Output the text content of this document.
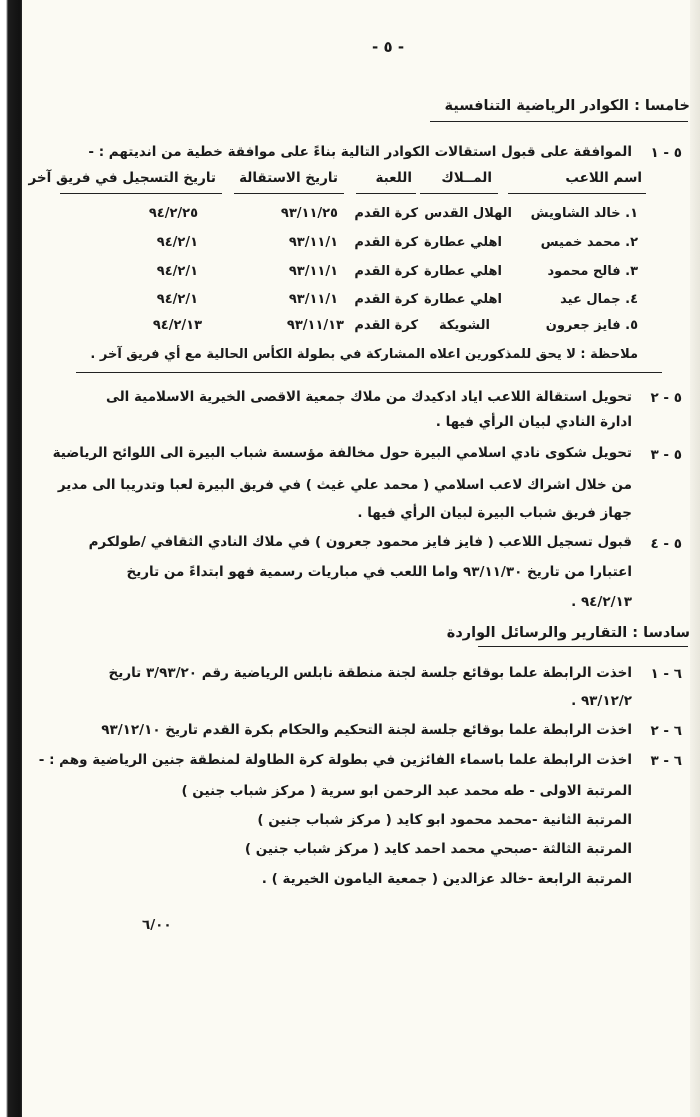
- ٥ -
خامسا : الكوادر الرياضية التنافسية
٥ - ١
الموافقة على قبول استقالات الكوادر التالية بناءً على موافقة خطية من انديتهم : -
اسم اللاعب
المــلاك
اللعبة
تاريخ الاستقالة
تاريخ التسجيل في فريق آخر
١. خالد الشاويش
الهلال القدس
كرة القدم
٩٣/١١/٢٥
٩٤/٢/٢٥
٢. محمد خميس
اهلي عطارة
كرة القدم
٩٣/١١/١
٩٤/٢/١
٣. فالح محمود
اهلي عطارة
كرة القدم
٩٣/١١/١
٩٤/٢/١
٤. جمال عيد
اهلي عطارة
كرة القدم
٩٣/١١/١
٩٤/٢/١
٥. فايز جعرون
الشويكة
كرة القدم
٩٣/١١/١٣
٩٤/٢/١٣
ملاحظة : لا يحق للمذكورين اعلاه المشاركة في بطولة الكأس الحالية مع أي فريق آخر .
٥ - ٢
تحويل استقالة اللاعب اياد ادكيدك من ملاك جمعية الاقصى الخيرية الاسلامية الى
ادارة النادي لبيان الرأي فيها .
٥ - ٣
تحويل شكوى نادي اسلامي البيرة حول مخالفة مؤسسة شباب البيرة الى اللوائح الرياضية
من خلال اشراك لاعب اسلامي ( محمد علي غيث ) في فريق البيرة لعبا وتدريبا الى مدير
جهاز فريق شباب البيرة لبيان الرأي فيها .
٥ - ٤
قبول تسجيل اللاعب ( فايز فايز محمود جعرون ) في ملاك النادي الثقافي /طولكرم
اعتبارا من تاريخ ٩٣/١١/٣٠ واما اللعب في مباريات رسمية فهو ابتداءً من تاريخ
٩٤/٢/١٣ .
سادسا : التقارير والرسائل الواردة
٦ - ١
اخذت الرابطة علما بوقائع جلسة لجنة منطقة نابلس الرياضية رقم ٣/٩٣/٢٠ تاريخ
٩٣/١٢/٢ .
٦ - ٢
اخذت الرابطة علما بوقائع جلسة لجنة التحكيم والحكام بكرة القدم تاريخ ٩٣/١٢/١٠
٦ - ٣
اخذت الرابطة علما باسماء الفائزين في بطولة كرة الطاولة لمنطقة جنين الرياضية وهم : -
المرتبة الاولى - طه محمد عبد الرحمن ابو سرية ( مركز شباب جنين )
المرتبة الثانية -محمد محمود ابو كايد ( مركز شباب جنين )
المرتبة الثالثة -صبحي محمد احمد كايد ( مركز شباب جنين )
المرتبة الرابعة -خالد عزالدين ( جمعية اليامون الخيرية ) .
٦/٠٠
